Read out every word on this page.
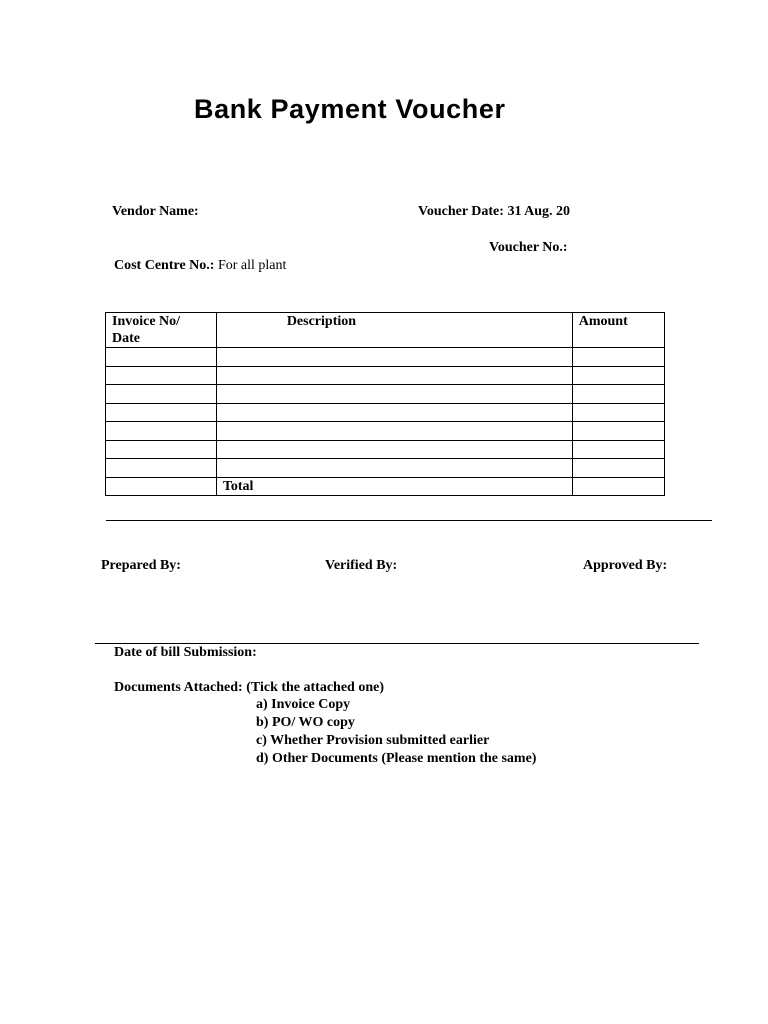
Bank Payment Voucher
Vendor Name:	Voucher Date: 31 Aug. 20
Voucher No.:
Cost Centre No.: For all plant
Invoice No/ Date	Description	Amount

	Total	
Prepared By:	Verified By:	Approved By:
Date of bill Submission:
Documents Attached: (Tick the attached one)
a) Invoice Copy
b) PO/ WO copy
c) Whether Provision submitted earlier
d) Other Documents (Please mention the same)
